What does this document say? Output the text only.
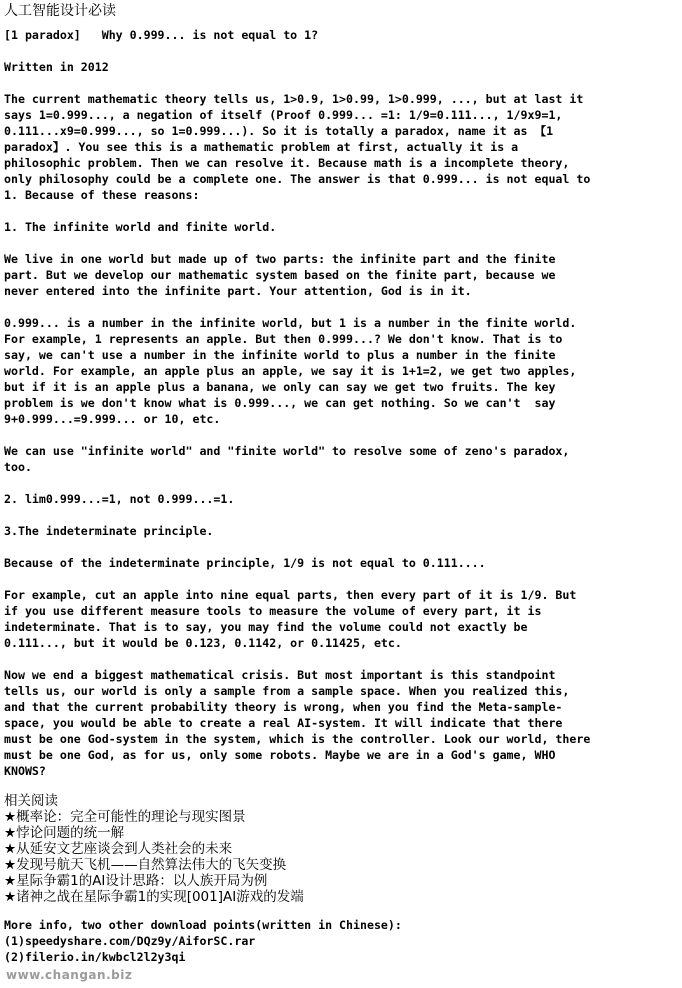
人工智能设计必读
[1 paradox]   Why 0.999... is not equal to 1?
Written in 2012
The current mathematic theory tells us, 1>0.9, 1>0.99, 1>0.999, ..., but at last it
says 1=0.999..., a negation of itself (Proof 0.999... =1: 1/9=0.111..., 1/9x9=1,
0.111...x9=0.999..., so 1=0.999...). So it is totally a paradox, name it as 【1
paradox】. You see this is a mathematic problem at first, actually it is a
philosophic problem. Then we can resolve it. Because math is a incomplete theory,
only philosophy could be a complete one. The answer is that 0.999... is not equal to
1. Because of these reasons:
1. The infinite world and finite world.
We live in one world but made up of two parts: the infinite part and the finite
part. But we develop our mathematic system based on the finite part, because we
never entered into the infinite part. Your attention, God is in it.
0.999... is a number in the infinite world, but 1 is a number in the finite world.
For example, 1 represents an apple. But then 0.999...? We don't know. That is to
say, we can't use a number in the infinite world to plus a number in the finite
world. For example, an apple plus an apple, we say it is 1+1=2, we get two apples,
but if it is an apple plus a banana, we only can say we get two fruits. The key
problem is we don't know what is 0.999..., we can get nothing. So we can't  say
9+0.999...=9.999... or 10, etc.
We can use "infinite world" and "finite world" to resolve some of zeno's paradox,
too.
2. lim0.999...=1, not 0.999...=1.
3.The indeterminate principle.
Because of the indeterminate principle, 1/9 is not equal to 0.111....
For example, cut an apple into nine equal parts, then every part of it is 1/9. But
if you use different measure tools to measure the volume of every part, it is
indeterminate. That is to say, you may find the volume could not exactly be
0.111..., but it would be 0.123, 0.1142, or 0.11425, etc.
Now we end a biggest mathematical crisis. But most important is this standpoint
tells us, our world is only a sample from a sample space. When you realized this,
and that the current probability theory is wrong, when you find the Meta-sample-
space, you would be able to create a real AI-system. It will indicate that there
must be one God-system in the system, which is the controller. Look our world, there
must be one God, as for us, only some robots. Maybe we are in a God's game, WHO
KNOWS?
相关阅读
★概率论：完全可能性的理论与现实图景
★悖论问题的统一解
★从延安文艺座谈会到人类社会的未来
★发现号航天飞机——自然算法伟大的飞矢变换
★星际争霸1的AI设计思路：以人族开局为例
★诸神之战在星际争霸1的实现[001]AI游戏的发端
More info, two other download points(written in Chinese):
(1)speedyshare.com/DQz9y/AiforSC.rar
(2)filerio.in/kwbcl2l2y3qi
www.changan.biz
